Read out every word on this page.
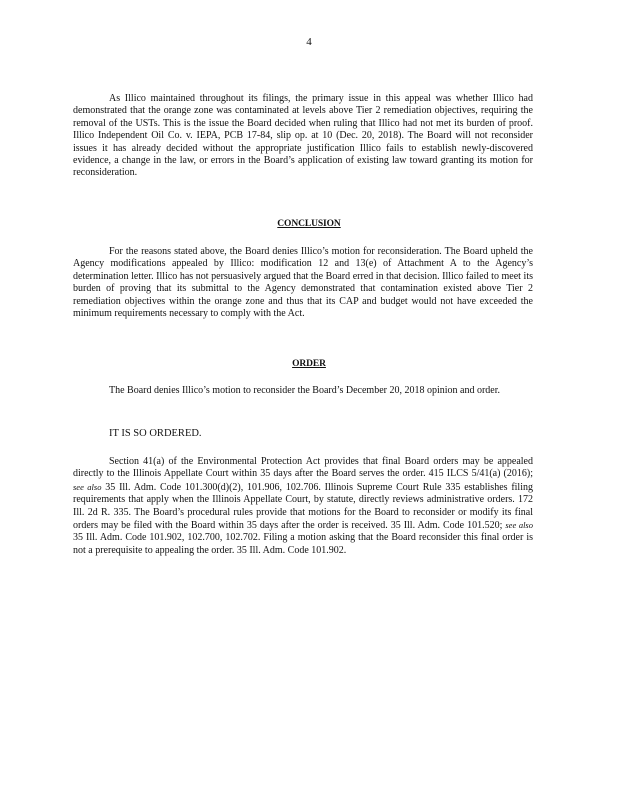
4

As Illico maintained throughout its filings, the primary issue in this appeal was whether Illico had demonstrated that the orange zone was contaminated at levels above Tier 2 remediation objectives, requiring the removal of the USTs. This is the issue the Board decided when ruling that Illico had not met its burden of proof. Illico Independent Oil Co. v. IEPA, PCB 17-84, slip op. at 10 (Dec. 20, 2018). The Board will not reconsider issues it has already decided without the appropriate justification Illico fails to establish newly-discovered evidence, a change in the law, or errors in the Board’s application of existing law toward granting its motion for reconsideration.

CONCLUSION

For the reasons stated above, the Board denies Illico’s motion for reconsideration. The Board upheld the Agency modifications appealed by Illico: modification 12 and 13(e) of Attachment A to the Agency’s determination letter. Illico has not persuasively argued that the Board erred in that decision. Illico failed to meet its burden of proving that its submittal to the Agency demonstrated that contamination existed above Tier 2 remediation objectives within the orange zone and thus that its CAP and budget would not have exceeded the minimum requirements necessary to comply with the Act.

ORDER

The Board denies Illico’s motion to reconsider the Board’s December 20, 2018 opinion and order.

IT IS SO ORDERED.

Section 41(a) of the Environmental Protection Act provides that final Board orders may be appealed directly to the Illinois Appellate Court within 35 days after the Board serves the order. 415 ILCS 5/41(a) (2016); see also 35 Ill. Adm. Code 101.300(d)(2), 101.906, 102.706. Illinois Supreme Court Rule 335 establishes filing requirements that apply when the Illinois Appellate Court, by statute, directly reviews administrative orders. 172 Ill. 2d R. 335. The Board’s procedural rules provide that motions for the Board to reconsider or modify its final orders may be filed with the Board within 35 days after the order is received. 35 Ill. Adm. Code 101.520; see also 35 Ill. Adm. Code 101.902, 102.700, 102.702. Filing a motion asking that the Board reconsider this final order is not a prerequisite to appealing the order. 35 Ill. Adm. Code 101.902.
